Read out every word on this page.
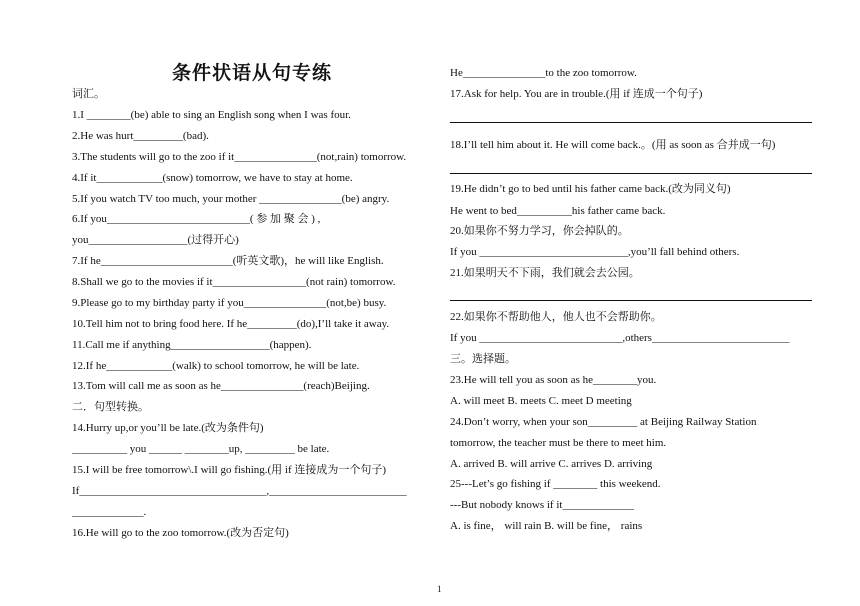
条件状语从句专练
词汇。
1.I ________(be) able to sing an English song when I was four.
2.He was hurt_________(bad).
3.The students will go to the zoo if it_______________(not,rain) tomorrow.
4.If it____________(snow) tomorrow, we have to stay at home.
5.If you watch TV too much, your mother _______________(be) angry.
6.If you__________________________( 参 加 聚 会 ) ,
you__________________(过得开心)
7.If he________________________(听英文歌)，he will like English.
8.Shall we go to the movies if it_________________(not rain) tomorrow.
9.Please go to my birthday party if you_______________(not,be) busy.
10.Tell him not to bring food here. If he_________(do),I’ll take it away.
11.Call me if anything__________________(happen).
12.If he____________(walk) to school tomorrow, he will be late.
13.Tom will call me as soon as he_______________(reach)Beijing.
二．句型转换。
14.Hurry up,or you’ll be late.(改为条件句)
__________ you ______ ________up, _________ be late.
15.I will be free tomorrow\.I will go fishing.(用 if 连接成为一个句子)
If__________________________________,_________________________
_____________.
16.He will go to the zoo tomorrow.(改为否定句)
He_______________to the zoo tomorrow.
17.Ask for help. You are in trouble.(用 if 连成一个句子)
18.I’ll tell him about it. He will come back.。(用 as soon as 合并成一句)
19.He didn’t go to bed until his father came back.(改为同义句)
He went to bed__________his father came back.
20.如果你不努力学习，你会掉队的。
If you ___________________________,you’ll fall behind others.
21.如果明天不下雨，我们就会去公园。
22.如果你不帮助他人，他人也不会帮助你。
If you __________________________,others_________________________
三。选择题。
23.He will tell you as soon as he________you.
A. will meet B. meets C. meet D meeting
24.Don’t worry, when your son_________ at Beijing Railway Station
tomorrow, the teacher must be there to meet him.
A. arrived B. will arrive C. arrives D. arriving
25---Let’s go fishing if ________ this weekend.
---But nobody knows if it_____________
A. is fine， will rain B. will be fine， rains
1
